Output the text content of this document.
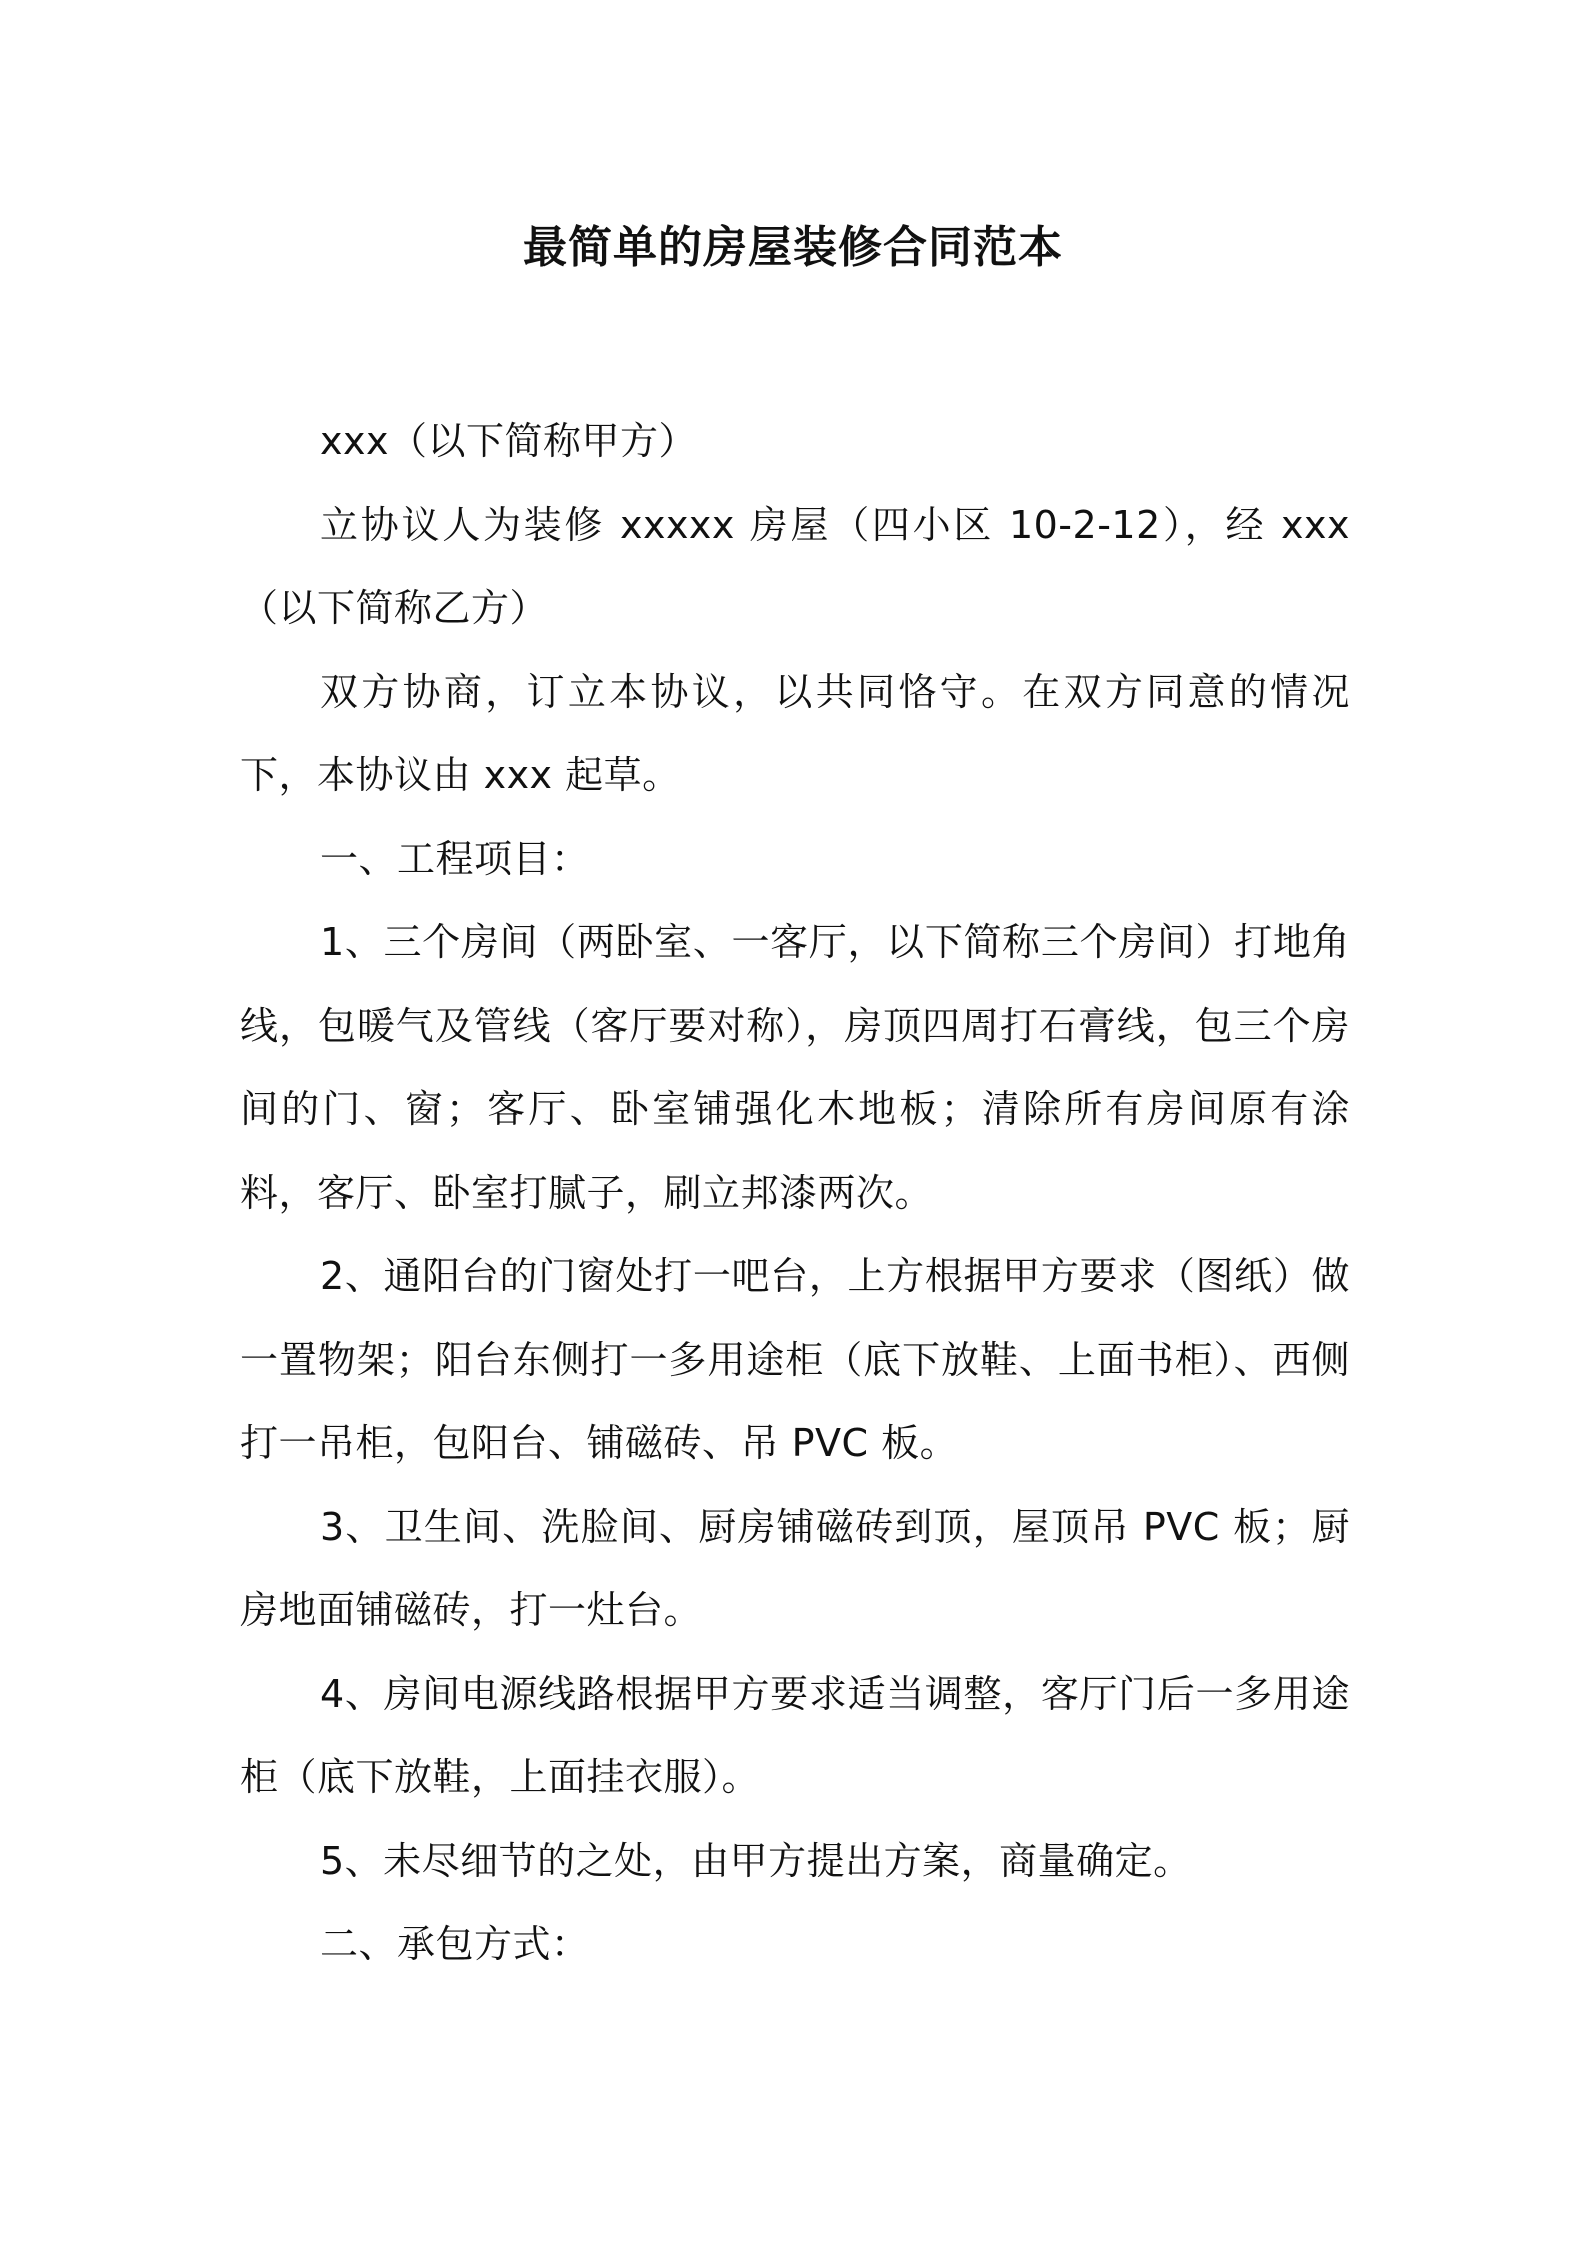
最简单的房屋装修合同范本

xxx（以下简称甲方）

立协议人为装修 xxxxx 房屋（四小区 10-2-12），经 xxx（以下简称乙方）

双方协商，订立本协议，以共同恪守。在双方同意的情况下，本协议由 xxx 起草。

一、工程项目：

1、三个房间（两卧室、一客厅，以下简称三个房间）打地角线，包暖气及管线（客厅要对称），房顶四周打石膏线，包三个房间的门、窗；客厅、卧室铺强化木地板；清除所有房间原有涂料，客厅、卧室打腻子，刷立邦漆两次。

2、通阳台的门窗处打一吧台，上方根据甲方要求（图纸）做一置物架；阳台东侧打一多用途柜（底下放鞋、上面书柜）、西侧打一吊柜，包阳台、铺磁砖、吊 PVC 板。

3、卫生间、洗脸间、厨房铺磁砖到顶，屋顶吊 PVC 板；厨房地面铺磁砖，打一灶台。

4、房间电源线路根据甲方要求适当调整，客厅门后一多用途柜（底下放鞋，上面挂衣服）。

5、未尽细节的之处，由甲方提出方案，商量确定。

二、承包方式：
